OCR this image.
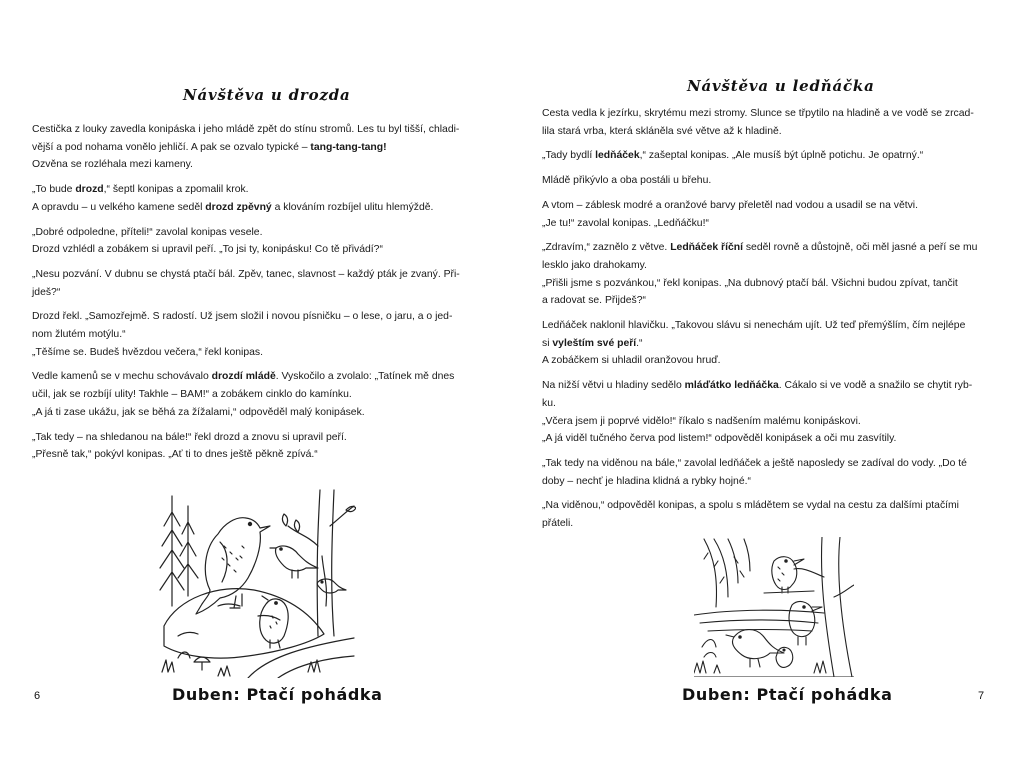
Návštěva u drozda

Cestička z louky zavedla konipáska i jeho mládě zpět do stínu stromů. Les tu byl tišší, chladi-
vější a pod nohama vonělo jehličí. A pak se ozvalo typické – tang-tang-tang!
Ozvěna se rozléhala mezi kameny.

„To bude drozd,“ šeptl konipas a zpomalil krok.
A opravdu – u velkého kamene seděl drozd zpěvný a klováním rozbíjel ulitu hlemýždě.

„Dobré odpoledne, příteli!“ zavolal konipas vesele.
Drozd vzhlédl a zobákem si upravil peří. „To jsi ty, konipásku! Co tě přivádí?“

„Nesu pozvání. V dubnu se chystá ptačí bál. Zpěv, tanec, slavnost – každý pták je zvaný. Při-
jdeš?“

Drozd řekl. „Samozřejmě. S radostí. Už jsem složil i novou písničku – o lese, o jaru, a o jed-
nom žlutém motýlu.“
„Těšíme se. Budeš hvězdou večera,“ řekl konipas.

Vedle kamenů se v mechu schovávalo drozdí mládě. Vyskočilo a zvolalo: „Tatínek mě dnes
učil, jak se rozbíjí ulity! Takhle – BAM!“ a zobákem cinklo do kamínku.
„A já ti zase ukážu, jak se běhá za žížalami,“ odpověděl malý konipásek.

„Tak tedy – na shledanou na bále!“ řekl drozd a znovu si upravil peří.
„Přesně tak,“ pokývl konipas. „Ať ti to dnes ještě pěkně zpívá.“

Duben: Ptačí pohádka
6
Návštěva u ledňáčka

Cesta vedla k jezírku, skrytému mezi stromy. Slunce se třpytilo na hladině a ve vodě se zrcad-
lila stará vrba, která skláněla své větve až k hladině.

„Tady bydlí ledňáček,“ zašeptal konipas. „Ale musíš být úplně potichu. Je opatrný.“

Mládě přikývlo a oba postáli u břehu.

A vtom – záblesk modré a oranžové barvy přeletěl nad vodou a usadil se na větvi.
„Je tu!“ zavolal konipas. „Ledňáčku!“

„Zdravím,“ zaznělo z větve. Ledňáček říční seděl rovně a důstojně, oči měl jasné a peří se mu
lesklo jako drahokamy.
„Přišli jsme s pozvánkou,“ řekl konipas. „Na dubnový ptačí bál. Všichni budou zpívat, tančit
a radovat se. Přijdeš?“

Ledňáček naklonil hlavičku. „Takovou slávu si nenechám ujít. Už teď přemýšlím, čím nejlépe
si vyleštím své peří.“
A zobáčkem si uhladil oranžovou hruď.

Na nižší větvi u hladiny sedělo mláďátko ledňáčka. Cákalo si ve vodě a snažilo se chytit ryb-
ku.
„Včera jsem ji poprvé vidělo!“ říkalo s nadšením malému konipáskovi.
„A já viděl tučného červa pod listem!“ odpověděl konipásek a oči mu zasvítily.

„Tak tedy na viděnou na bále,“ zavolal ledňáček a ještě naposledy se zadíval do vody. „Do té
doby – nechť je hladina klidná a rybky hojné.“

„Na viděnou,“ odpověděl konipas, a spolu s mládětem se vydal na cestu za dalšími ptačími
přáteli.

Duben: Ptačí pohádka	7
